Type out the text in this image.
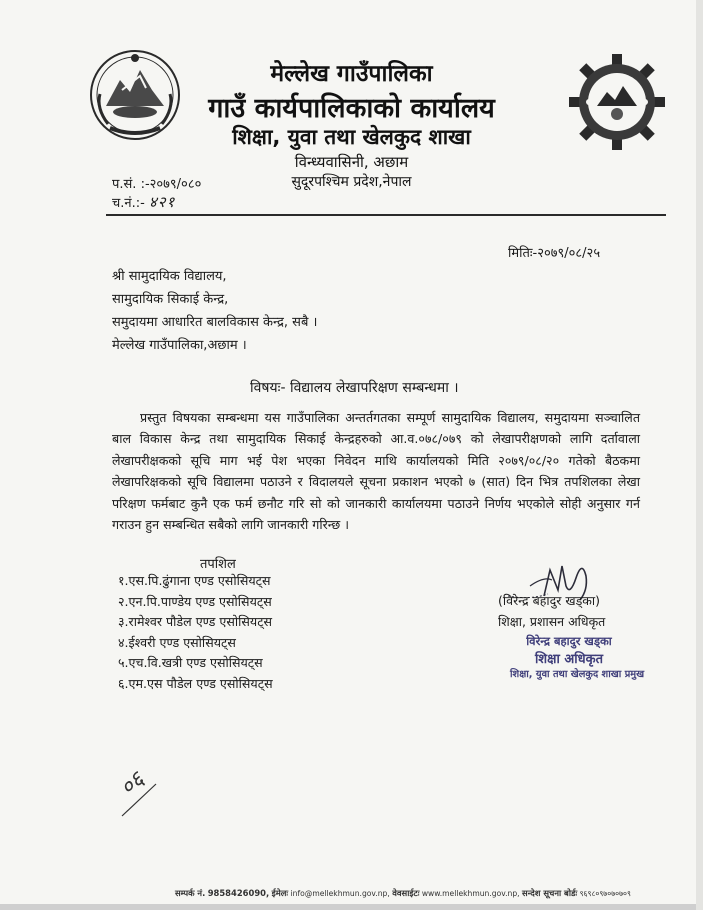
मेल्लेख गाउँपालिका
गाउँ कार्यपालिकाको कार्यालय
शिक्षा, युवा तथा खेलकुद शाखा
विन्ध्यवासिनी, अछाम
सुदूरपश्चिम प्रदेश,नेपाल
प.सं. :-२०७९/०८०
च.नं.:- ४२१
मितिः-२०७९/०८/२५
श्री सामुदायिक विद्यालय,
सामुदायिक सिकाई केन्द्र,
समुदायमा आधारित बालविकास केन्द्र, सबै ।
मेल्लेख गाउँपालिका,अछाम ।
विषयः- विद्यालय लेखापरिक्षण सम्बन्धमा ।
प्रस्तुत विषयका सम्बन्धमा यस गाउँपालिका अन्तर्तगतका सम्पूर्ण सामुदायिक विद्यालय, समुदायमा सञ्चालित बाल विकास केन्द्र तथा सामुदायिक सिकाई केन्द्रहरुको आ.व.०७८/०७९ को लेखापरीक्षणको लागि दर्तावाला लेखापरीक्षकको सूचि माग भई पेश भएका निवेदन माथि कार्यालयको मिति २०७९/०८/२० गतेको बैठकमा लेखापरिक्षकको सूचि विद्यालमा पठाउने र विदालयले सूचना प्रकाशन भएको ७ (सात) दिन भित्र तपशिलका लेखा परिक्षण फर्मबाट कुनै एक फर्म छनौट गरि सो को जानकारी कार्यालयमा पठाउने निर्णय भएकोले सोही अनुसार गर्न गराउन हुन सम्बन्धित सबैको लागि जानकारी गरिन्छ ।
तपशिल
१.एस.पि.ढुंगाना एण्ड एसोसियट्स
२.एन.पि.पाण्डेय एण्ड एसोसियट्स
३.रामेश्वर पौडेल एण्ड एसोसियट्स
४.ईश्वरी एण्ड एसोसियट्स
५.एच.वि.खत्री एण्ड एसोसियट्स
६.एम.एस पौडेल एण्ड एसोसियट्स
(विरेन्द्र बहादुर खड्का)
शिक्षा, प्रशासन अधिकृत
विरेन्द्र बहादुर खड्का
शिक्षा अधिकृत
शिक्षा, युवा तथा खेलकुद शाखा प्रमुख
०६
सम्पर्क नं. 9858426090, ईमेलः info@mellekhmun.gov.np, वेवसाईटः www.mellekhmun.gov.np, सन्देश सूचना बोर्डः ९६९८०९७०७०७०९
